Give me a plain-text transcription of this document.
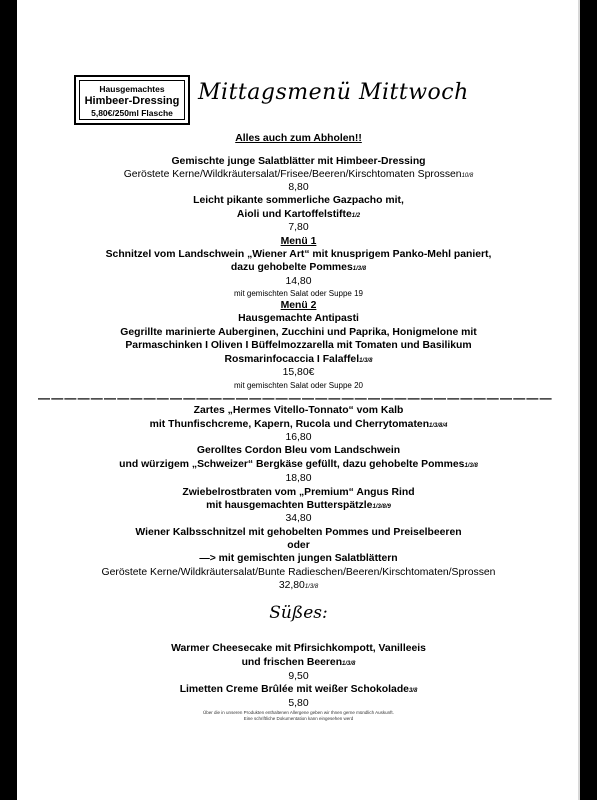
Hausgemachtes
Himbeer-Dressing
5,80€/250ml Flasche
Mittagsmenü Mittwoch
Alles auch zum Abholen!!
Gemischte junge Salatblätter mit Himbeer-Dressing
Geröstete Kerne/Wildkräutersalat/Frisee/Beeren/Kirschtomaten Sprossen10/8
8,80
Leicht pikante sommerliche Gazpacho mit,
Aioli und Kartoffelstifte1/2
7,80
Menü 1
Schnitzel vom Landschwein „Wiener Art“ mit knusprigem Panko-Mehl paniert,
dazu gehobelte Pommes1/3/8
14,80
mit gemischten Salat oder Suppe 19
Menü 2
Hausgemachte Antipasti
Gegrillte marinierte Auberginen, Zucchini und Paprika, Honigmelone mit
Parmaschinken I Oliven I Büffelmozzarella mit Tomaten und Basilikum
Rosmarinfocaccia I Falaffel1/3/8
15,80€
mit gemischten Salat oder Suppe 20
———————————————————————————————————————
Zartes „Hermes Vitello-Tonnato“ vom Kalb
mit Thunfischcreme, Kapern, Rucola und Cherrytomaten1/3/8/4
16,80
Gerolltes Cordon Bleu vom Landschwein
und würzigem „Schweizer“ Bergkäse gefüllt, dazu gehobelte Pommes1/3/8
18,80
Zwiebelrostbraten vom „Premium“ Angus Rind
mit hausgemachten Butterspätzle1/3/8/9
34,80
Wiener Kalbsschnitzel mit gehobelten Pommes und Preiselbeeren
oder
—> mit gemischten jungen Salatblättern
Geröstete Kerne/Wildkräutersalat/Bunte Radieschen/Beeren/Kirschtomaten/Sprossen
32,801/3/8
Süßes:
Warmer Cheesecake mit Pfirsichkompott, Vanilleeis
und frischen Beeren1/3/8
9,50
Limetten Creme Brûlée mit weißer Schokolade3/8
5,80
Über die in unseren Produkten enthaltenen Allergene geben wir Ihnen gerne mündlich Auskunft.
Eine schriftliche Dokumentation kann eingesehen werd
